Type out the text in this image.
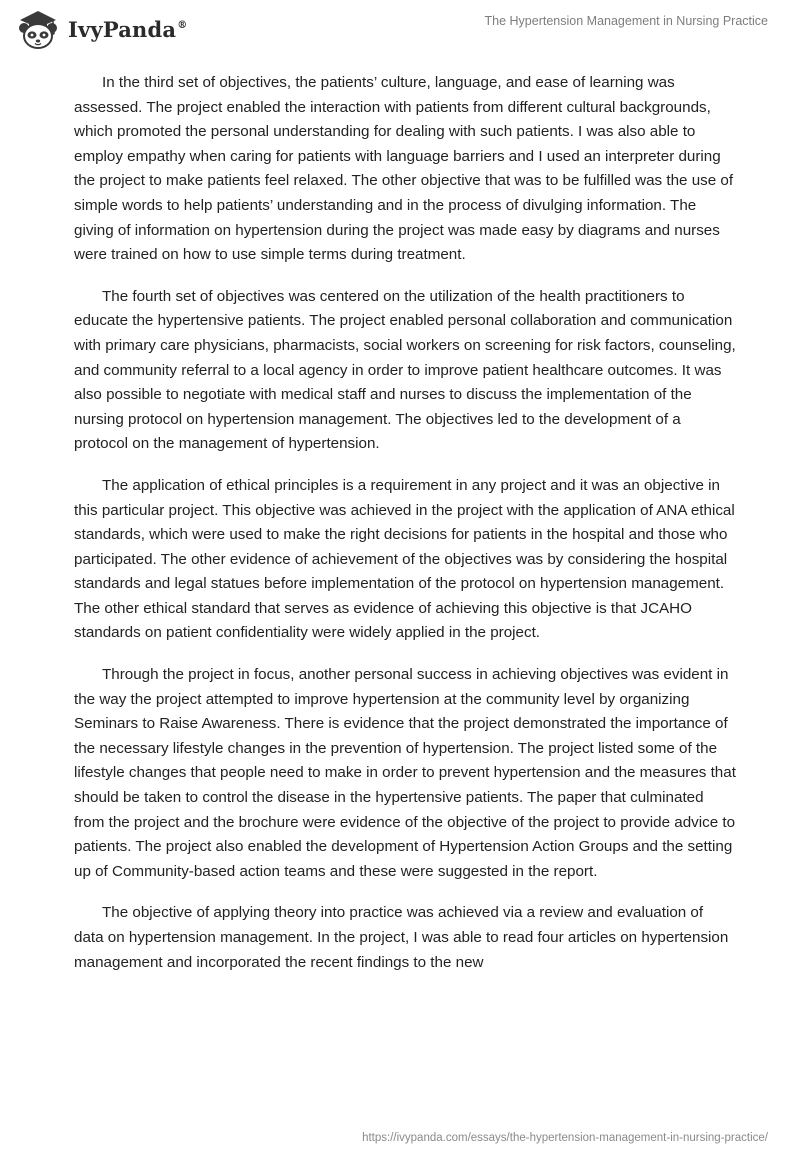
IvyPanda®	The Hypertension Management in Nursing Practice

In the third set of objectives, the patients’ culture, language, and ease of learning was assessed. The project enabled the interaction with patients from different cultural backgrounds, which promoted the personal understanding for dealing with such patients. I was also able to employ empathy when caring for patients with language barriers and I used an interpreter during the project to make patients feel relaxed. The other objective that was to be fulfilled was the use of simple words to help patients’ understanding and in the process of divulging information. The giving of information on hypertension during the project was made easy by diagrams and nurses were trained on how to use simple terms during treatment.

The fourth set of objectives was centered on the utilization of the health practitioners to educate the hypertensive patients. The project enabled personal collaboration and communication with primary care physicians, pharmacists, social workers on screening for risk factors, counseling, and community referral to a local agency in order to improve patient healthcare outcomes. It was also possible to negotiate with medical staff and nurses to discuss the implementation of the nursing protocol on hypertension management. The objectives led to the development of a protocol on the management of hypertension.

The application of ethical principles is a requirement in any project and it was an objective in this particular project. This objective was achieved in the project with the application of ANA ethical standards, which were used to make the right decisions for patients in the hospital and those who participated. The other evidence of achievement of the objectives was by considering the hospital standards and legal statues before implementation of the protocol on hypertension management. The other ethical standard that serves as evidence of achieving this objective is that JCAHO standards on patient confidentiality were widely applied in the project.

Through the project in focus, another personal success in achieving objectives was evident in the way the project attempted to improve hypertension at the community level by organizing Seminars to Raise Awareness. There is evidence that the project demonstrated the importance of the necessary lifestyle changes in the prevention of hypertension. The project listed some of the lifestyle changes that people need to make in order to prevent hypertension and the measures that should be taken to control the disease in the hypertensive patients. The paper that culminated from the project and the brochure were evidence of the objective of the project to provide advice to patients. The project also enabled the development of Hypertension Action Groups and the setting up of Community-based action teams and these were suggested in the report.

The objective of applying theory into practice was achieved via a review and evaluation of data on hypertension management. In the project, I was able to read four articles on hypertension management and incorporated the recent findings to the new

https://ivypanda.com/essays/the-hypertension-management-in-nursing-practice/
